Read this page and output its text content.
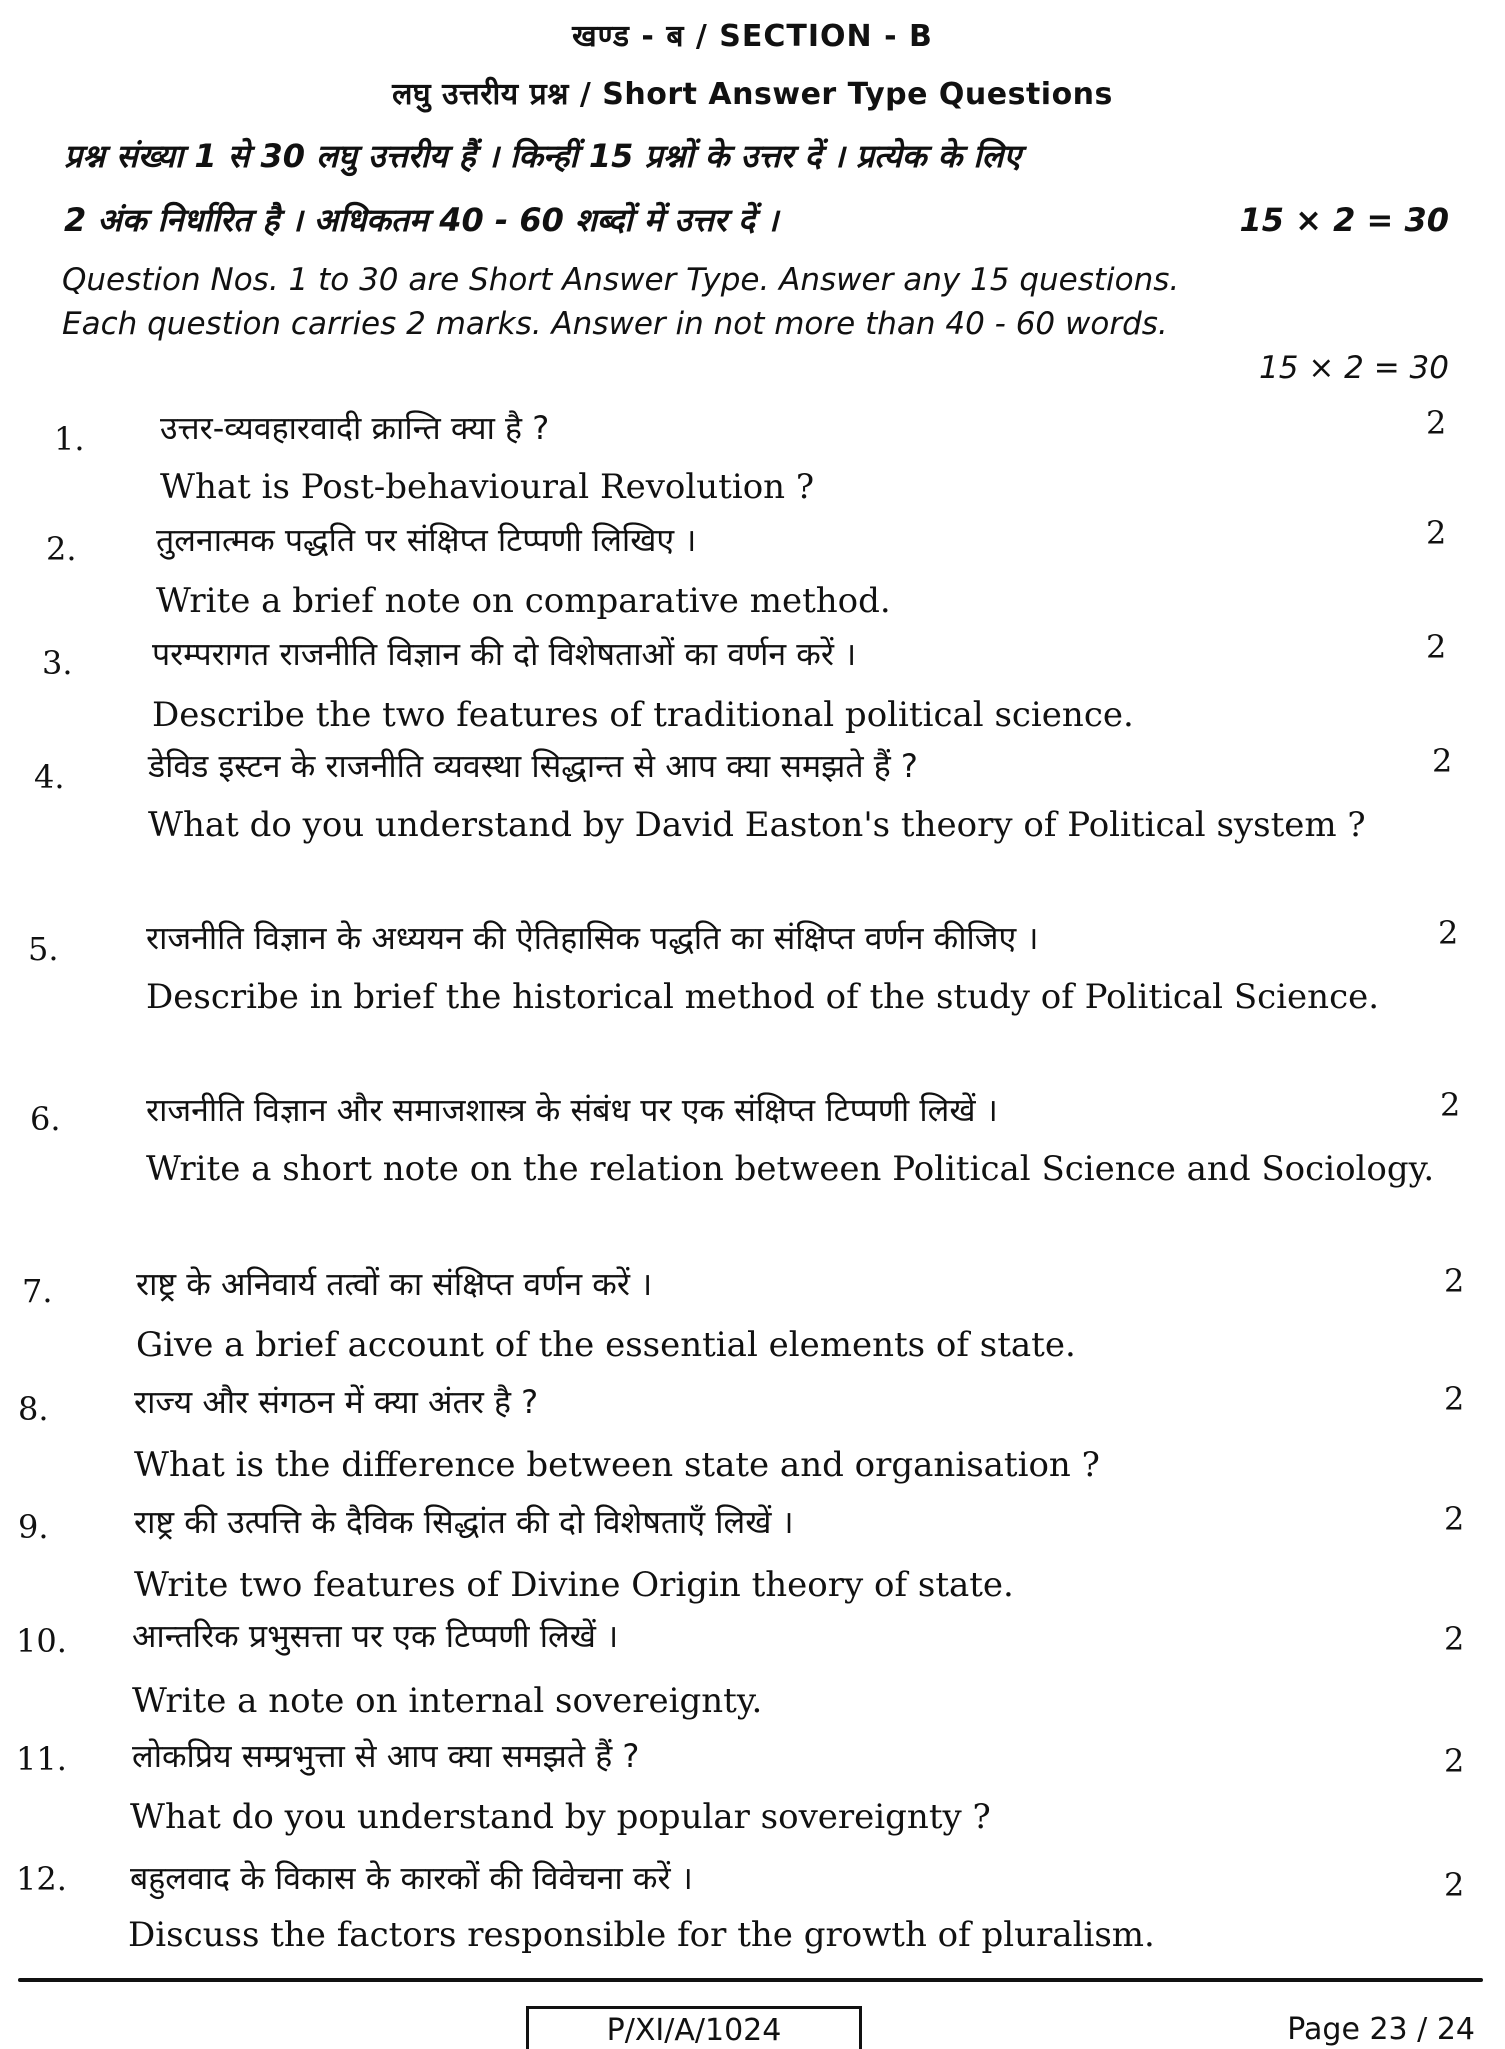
खण्ड - ब / SECTION - B
लघु उत्तरीय प्रश्न / Short Answer Type Questions
प्रश्न संख्या 1 से 30 लघु उत्तरीय हैं । किन्हीं 15 प्रश्नों के उत्तर दें । प्रत्येक के लिए
2 अंक निर्धारित है । अधिकतम 40 - 60 शब्दों में उत्तर दें ।	15 × 2 = 30
Question Nos. 1 to 30 are Short Answer Type. Answer any 15 questions.
Each question carries 2 marks. Answer in not more than 40 - 60 words.
15 × 2 = 30
1. उत्तर-व्यवहारवादी क्रान्ति क्या है ?	2
What is Post-behavioural Revolution ?
2. तुलनात्मक पद्धति पर संक्षिप्त टिप्पणी लिखिए ।	2
Write a brief note on comparative method.
3. परम्परागत राजनीति विज्ञान की दो विशेषताओं का वर्णन करें ।	2
Describe the two features of traditional political science.
4.	डेविड इस्टन के राजनीति व्यवस्था सिद्धान्त से आप क्या समझते हैं ?	2
What do you understand by David Easton's theory of Political system ?
5.	राजनीति विज्ञान के अध्ययन की ऐतिहासिक पद्धति का संक्षिप्त वर्णन कीजिए ।	2
Describe in brief the historical method of the study of Political Science.
6.	राजनीति विज्ञान और समाजशास्त्र के संबंध पर एक संक्षिप्त टिप्पणी लिखें ।	2
Write a short note on the relation between Political Science and Sociology.
7.	राष्ट्र के अनिवार्य तत्वों का संक्षिप्त वर्णन करें ।	2
Give a brief account of the essential elements of state.
8.	राज्य और संगठन में क्या अंतर है ?	2
What is the difference between state and organisation ?
9.	राष्ट्र की उत्पत्ति के दैविक सिद्धांत की दो विशेषताएँ लिखें ।	2
Write two features of Divine Origin theory of state.
10. आन्तरिक प्रभुसत्ता पर एक टिप्पणी लिखें ।	2
Write a note on internal sovereignty.
11. लोकप्रिय सम्प्रभुत्ता से आप क्या समझते हैं ?	2
What do you understand by popular sovereignty ?
12. बहुलवाद के विकास के कारकों की विवेचना करें ।	2
Discuss the factors responsible for the growth of pluralism.
P/XI/A/1024	Page 23 / 24
